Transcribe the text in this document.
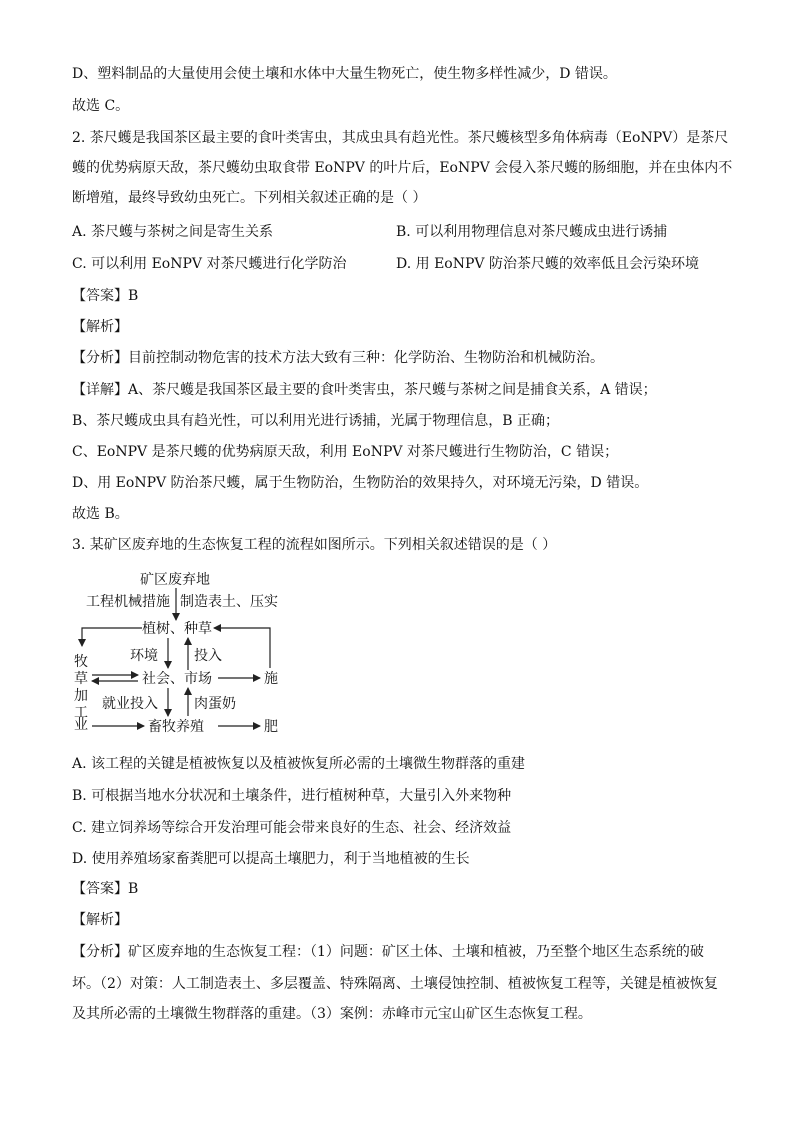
D、塑料制品的大量使用会使土壤和水体中大量生物死亡，使生物多样性减少，D 错误。
故选 C。
2. 茶尺蠖是我国茶区最主要的食叶类害虫，其成虫具有趋光性。茶尺蠖核型多角体病毒（EoNPV）是茶尺
蠖的优势病原天敌，茶尺蠖幼虫取食带 EoNPV 的叶片后，EoNPV 会侵入茶尺蠖的肠细胞，并在虫体内不
断增殖，最终导致幼虫死亡。下列相关叙述正确的是（ ）
A. 茶尺蠖与茶树之间是寄生关系	B. 可以利用物理信息对茶尺蠖成虫进行诱捕
C. 可以利用 EoNPV 对茶尺蠖进行化学防治	D. 用 EoNPV 防治茶尺蠖的效率低且会污染环境
【答案】B
【解析】
【分析】目前控制动物危害的技术方法大致有三种：化学防治、生物防治和机械防治。
【详解】A、茶尺蠖是我国茶区最主要的食叶类害虫，茶尺蠖与茶树之间是捕食关系，A 错误；
B、茶尺蠖成虫具有趋光性，可以利用光进行诱捕，光属于物理信息，B 正确；
C、EoNPV 是茶尺蠖的优势病原天敌，利用 EoNPV 对茶尺蠖进行生物防治，C 错误；
D、用 EoNPV 防治茶尺蠖，属于生物防治，生物防治的效果持久，对环境无污染，D 错误。
故选 B。
3. 某矿区废弃地的生态恢复工程的流程如图所示。下列相关叙述错误的是（ ）
矿区废弃地
工程机械措施 制造表土、压实
植树、种草
环境	投入
社会、市场	施
牧
草
加
工
业
就业投入	肉蛋奶
畜牧养殖	肥
A. 该工程的关键是植被恢复以及植被恢复所必需的土壤微生物群落的重建
B. 可根据当地水分状况和土壤条件，进行植树种草，大量引入外来物种
C. 建立饲养场等综合开发治理可能会带来良好的生态、社会、经济效益
D. 使用养殖场家畜粪肥可以提高土壤肥力，利于当地植被的生长
【答案】B
【解析】
【分析】矿区废弃地的生态恢复工程：（1）问题：矿区土体、土壤和植被，乃至整个地区生态系统的破
坏。（2）对策：人工制造表土、多层覆盖、特殊隔离、土壤侵蚀控制、植被恢复工程等，关键是植被恢复
及其所必需的土壤微生物群落的重建。（3）案例：赤峰市元宝山矿区生态恢复工程。
